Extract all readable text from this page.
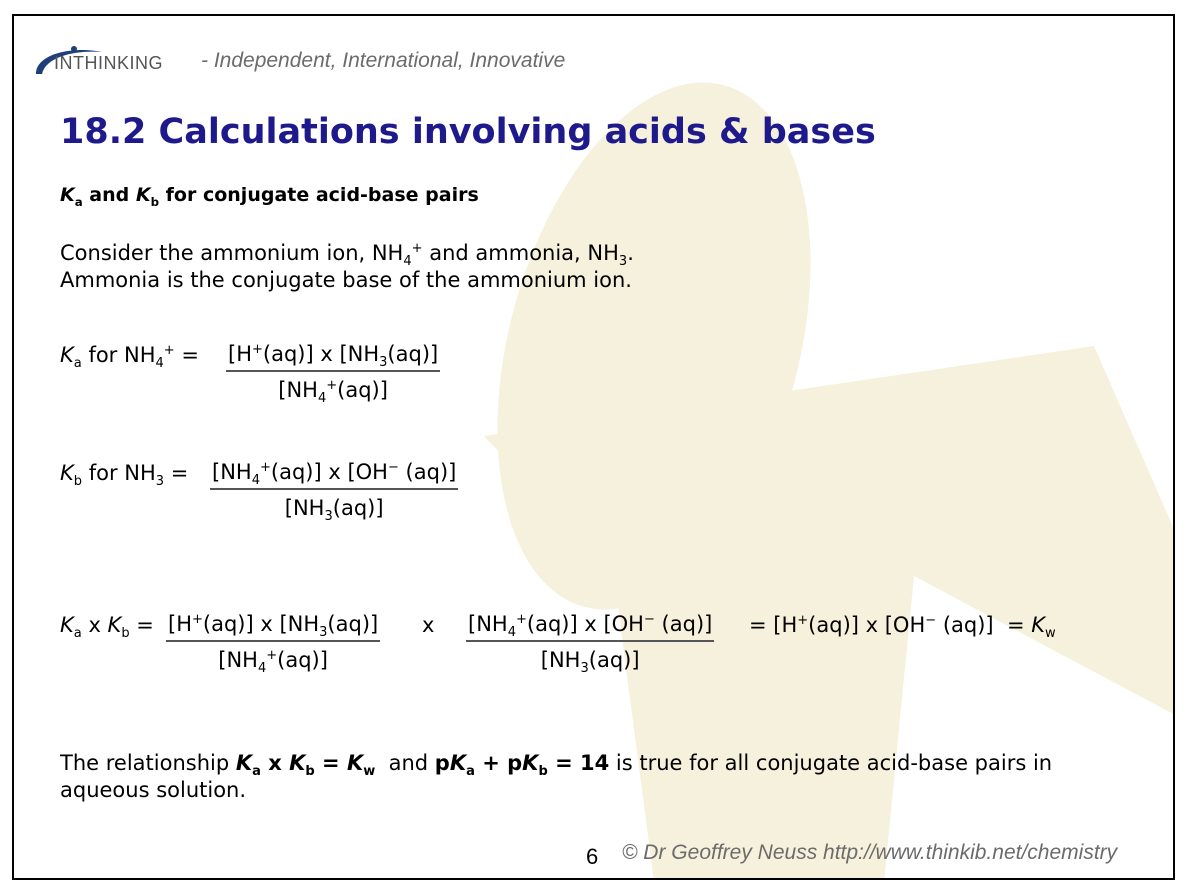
INTHINKING - Independent, International, Innovative
18.2 Calculations involving acids & bases
$K_a$ and $K_b$ for conjugate acid-base pairs
Consider the ammonium ion, $NH_4^+$ and ammonia, $NH_3$.
Ammonia is the conjugate base of the ammonium ion.
$K_a$ for $NH_4^+ = \frac{[H^+(aq)] x [NH_3(aq)]}{[NH_4^+(aq)]}$
$K_b$ for $NH_3 = \frac{[NH_4^+(aq)] x [OH^- (aq)]}{[NH_3(aq)]}$
$K_a$ x $K_b = \frac{[H^+(aq)] x [NH_3(aq)]}{[NH_4^+(aq)]}$ x $\frac{[NH_4^+(aq)] x [OH^- (aq)]}{[NH_3(aq)]} = [H^+(aq)]$ x [OH− $(aq)] = K_w$
The relationship $K_a$ x $K_b = K_w$  and $pK_a + pK_b = 14$ is true for all conjugate acid-base pairs in
aqueous solution.
6 © Dr Geoffrey Neuss http://www.thinkib.net/chemistry
